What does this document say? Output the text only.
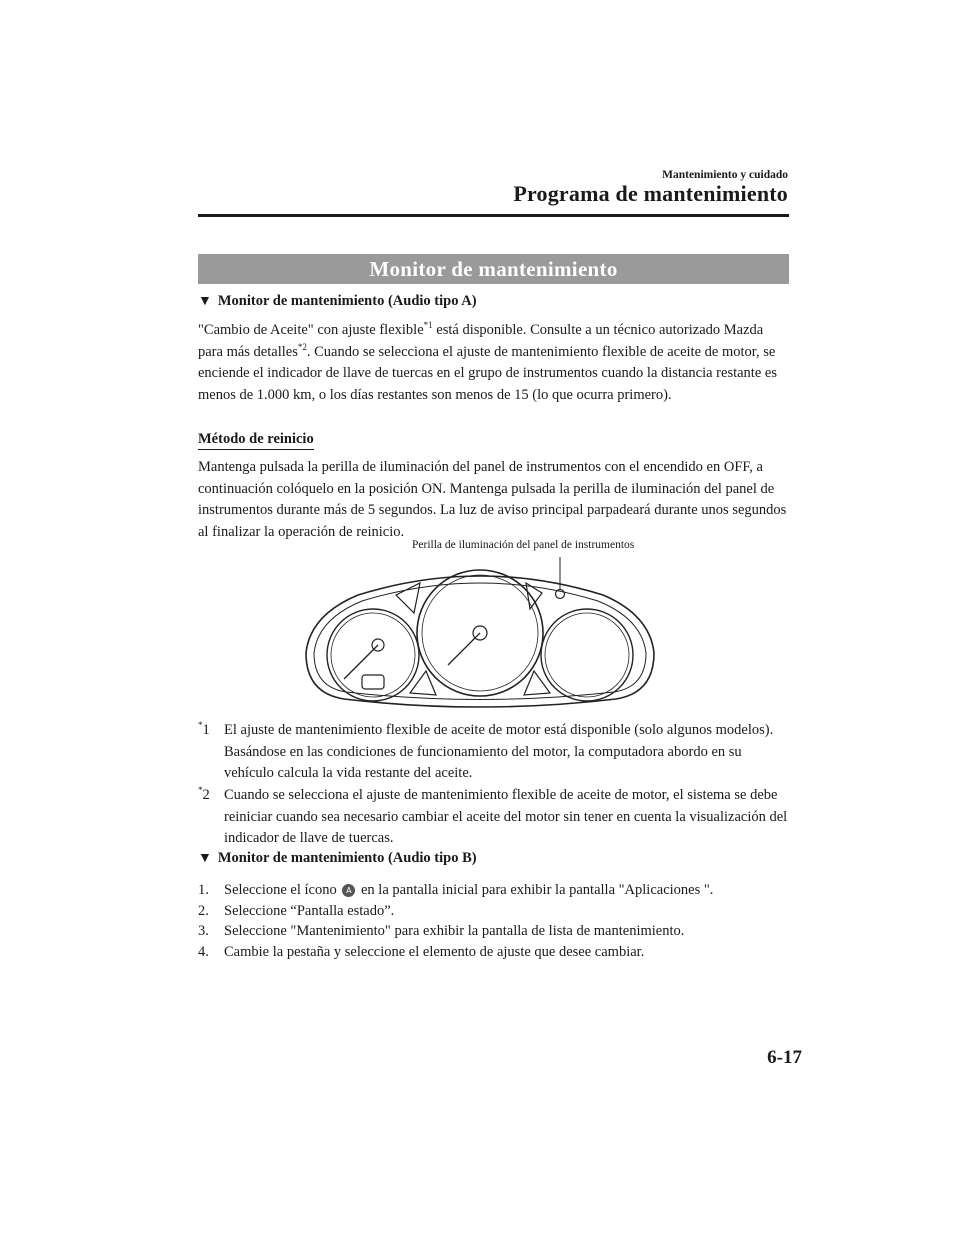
Mantenimiento y cuidado
Programa de mantenimiento
Monitor de mantenimiento
▼ Monitor de mantenimiento (Audio tipo A)
"Cambio de Aceite" con ajuste flexible$^{*1}$ está disponible. Consulte a un técnico autorizado Mazda para más detalles$^{*2}$. Cuando se selecciona el ajuste de mantenimiento flexible de aceite de motor, se enciende el indicador de llave de tuercas en el grupo de instrumentos cuando la distancia restante es menos de 1.000 km, o los días restantes son menos de 15 (lo que ocurra primero).
Método de reinicio
Mantenga pulsada la perilla de iluminación del panel de instrumentos con el encendido en OFF, a continuación colóquelo en la posición ON. Mantenga pulsada la perilla de iluminación del panel de instrumentos durante más de 5 segundos. La luz de aviso principal parpadeará durante unos segundos al finalizar la operación de reinicio.
Perilla de iluminación del panel de instrumentos
*1 El ajuste de mantenimiento flexible de aceite de motor está disponible (solo algunos modelos). Basándose en las condiciones de funcionamiento del motor, la computadora abordo en su vehículo calcula la vida restante del aceite.
*2 Cuando se selecciona el ajuste de mantenimiento flexible de aceite de motor, el sistema se debe reiniciar cuando sea necesario cambiar el aceite del motor sin tener en cuenta la visualización del indicador de llave de tuercas.
▼ Monitor de mantenimiento (Audio tipo B)
1. Seleccione el ícono A en la pantalla inicial para exhibir la pantalla "Aplicaciones ".
2. Seleccione “Pantalla estado”.
3. Seleccione "Mantenimiento" para exhibir la pantalla de lista de mantenimiento.
4. Cambie la pestaña y seleccione el elemento de ajuste que desee cambiar.
6-17
